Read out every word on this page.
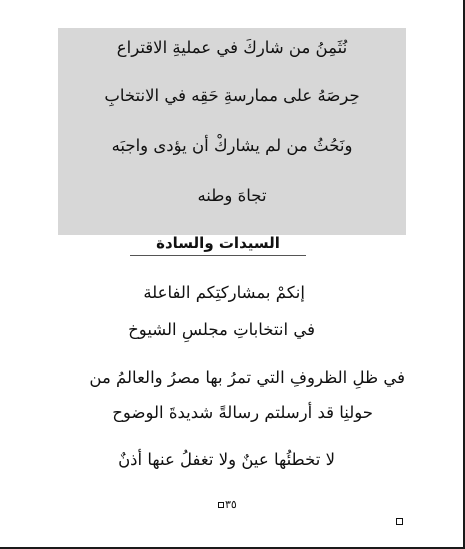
نُثَمِنُ من شاركَ في عمليةِ الاقتراع
حِرصَهُ على ممارسةِ حَقِه في الانتخابِ
ونَحُثُ من لم يشاركْ أن يؤدى واجبَه
تجاهَ وطنه
السيدات والسادة
إنكمْ بمشاركتِكم الفاعلة
في انتخاباتِ مجلسِ الشيوخ
في ظلِ الظروفِ التي تمرُ بها مصرُ والعالمُ من
حولنِا قد أرسلتم رسالةً شديدةَ الوضوح
لا تخطئُها عينٌ ولا تغفلُ عنها أذنٌ
٣٥
